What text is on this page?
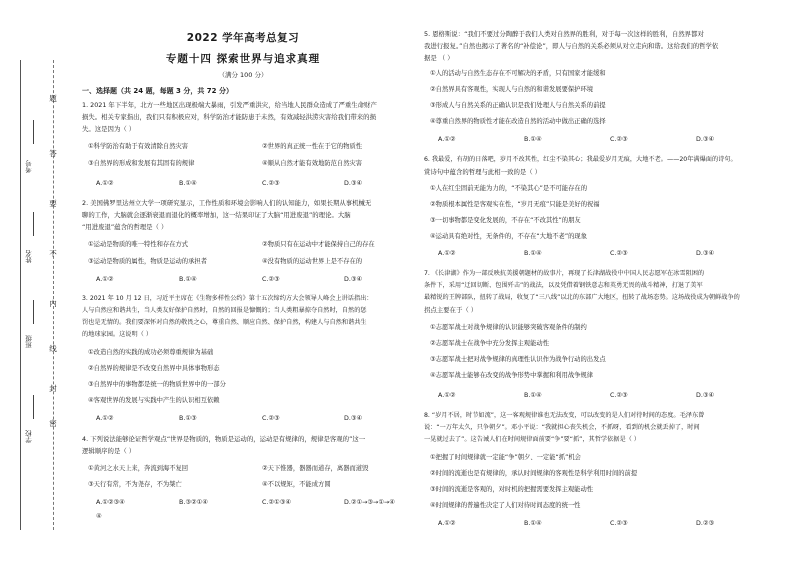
题
答
要
不
内
线
封
密
考号
姓名
班级
学校
2022 学年高考总复习
专题十四 探索世界与追求真理
（满分 100 分）
一、选择题（共 24 题，每题 3 分，共 72 分）
1. 2021 年下半年，北方一些地区出现极端大暴雨，引发严重洪灾，给当地人民群众造成了严重生命财产
损失。相关专家指出，我们只有积极应对，科学防治才能防患于未然，有效减轻洪涝灾害给我们带来的损
失。这是因为（ ）
①科学防治有助于有效清除自然灾害	②世界的真正统一性在于它的物质性
③自然界的形成和发展有其固有的规律	④顺从自然才能有效地防范自然灾害
A.①②	B.①④	C.②③	D.③④
2. 美国佛罗里达州立大学一项研究显示，工作性质和环境会影响人们的认知能力，如果长期从事机械无
聊的工作，大脑就会逐渐衰退而退化的概率增加，这一结果印证了大脑“用进废退”的理论。大脑
“用进废退”蕴含的哲理是（ ）
①运动是物质的唯一特性和存在方式	②物质只有在运动中才能保持自己的存在
③运动是物质的属性，物质是运动的承担者	④没有物质的运动世界上是不存在的
A.①②	B.①④	C.②③	D.③④
3. 2021 年 10 月 12 日，习近平主席在《生物多样性公约》第十五次缔约方大会领导人峰会上讲话指出：
人与自然应和谐共生，当人类友好保护自然时，自然的回报是慷慨的；当人类粗暴掠夺自然时，自然的惩
罚也是无情的。我们要深怀对自然的敬畏之心，尊重自然、顺应自然、保护自然，构建人与自然和谐共生
的地球家园。这说明（ ）
①改造自然的实践的成功必须尊重规律为基础
②自然界的规律是不改变自然界中具体事物形态
③自然界中的事物都是统一的物质世界中的一部分
④客观世界的发展与实践中产生的认识相互依赖
A.①②	B.①③	C.②③	D.③④
4. 下列说法能够论证哲学观点“世界是物质的，物质是运动的，运动是有规律的，规律是客观的”这一
逻辑顺序的是（ ）
①黄河之水天上来，奔流到海不复回	②天下惟器，器器而道存，离器而道毁
③天行有常，不为尧存，不为桀亡	④不以规矩，不能成方圆
A.①②③④	B.③②①④	C.②①③④	D.②①→③→①→④
④
5. 恩格斯说：“我们不要过分陶醉于我们人类对自然界的胜利，对于每一次这样的胜利，自然界都对
我进行报复。”自然也揭示了著名的“补偿论”，即人与自然的关系必须从对立走向和谐。这给我们的哲学依
据是 （ ）
①人的活动与自然生态存在不可解决的矛盾，只有国家才能缓和
②自然界具有客观性，实现人与自然的和谐发展要保护环境
③形成人与自然关系的正确认识是我们处理人与自然关系的前提
④尊重自然界的物质性才能在改造自然的活动中做出正确的选择
A.①②	B.①④	C.②③	D.③④
6. 我最爱，有胡的日落吧，岁月不改其性，红尘不染其心；我最爱岁月无痕，大地不老。——20年满爆面的诗句。
赏诗句中蕴含的哲理与此相一致的是（ ）
①人在红尘固前无能为力的，“不染其心”是不可能存在的
②物质根本属性是客观实在性，“岁月无痕”只能是美好的祝福
③一切事物都是变化发展的，不存在“不改其性”的朋友
④运动具有绝对性，无条件的，不存在“大地不老”的现象
A.①②	B.①④	C.②③	D.③④
7. 《长津湖》作为一部反映抗美援朝题材的故事片，再现了长津湖战役中中国人民志愿军在冰雪阻困的
条件下，采用“迂回切断、包围歼击”的战法，以及凭借着钢铁意志和英勇无畏的战斗精神，打退了美军
最精锐的王牌部队，扭转了战局，收复了“三八线”以北的东部广大地区，扭转了战场态势。这场战役成为朝鲜战争的
拐点主要在于（ ）
①志愿军战士对战争规律的认识能够突破客观条件的制约
②志愿军战士在战争中充分发挥主观能动性
③志愿军战士把对战争规律的真理性认识作为战争行动的出发点
④志愿军战士能够在改变的战争形势中掌握和利用战争规律
A.①②	B.①④	C.②③	D.③④
8. “岁月不居，时节如流”，这一客观规律谁也无法改变，可以改变的是人们对待时间的态度。毛泽东曾
说：“一万年太久，只争朝夕”。邓小平说：“我就担心丧失机会，不抓呀，看到的机会就丢掉了，时间
一晃就过去了”。这告诫人们在时间规律面前要“争”要“抓”，其哲学依据是（ ）
①把握了时间规律就一定能“争”朝夕、一定能“抓”机会
②时间的流逝也是有规律的，承认时间规律的客观性是科学利用时间的前提
③时间的流逝是客观的，对时机的把握需要发挥主观能动性
④时间规律的普遍性决定了人们对待时间态度的统一性
A.①②	B.①④	C.②③	D.②③
